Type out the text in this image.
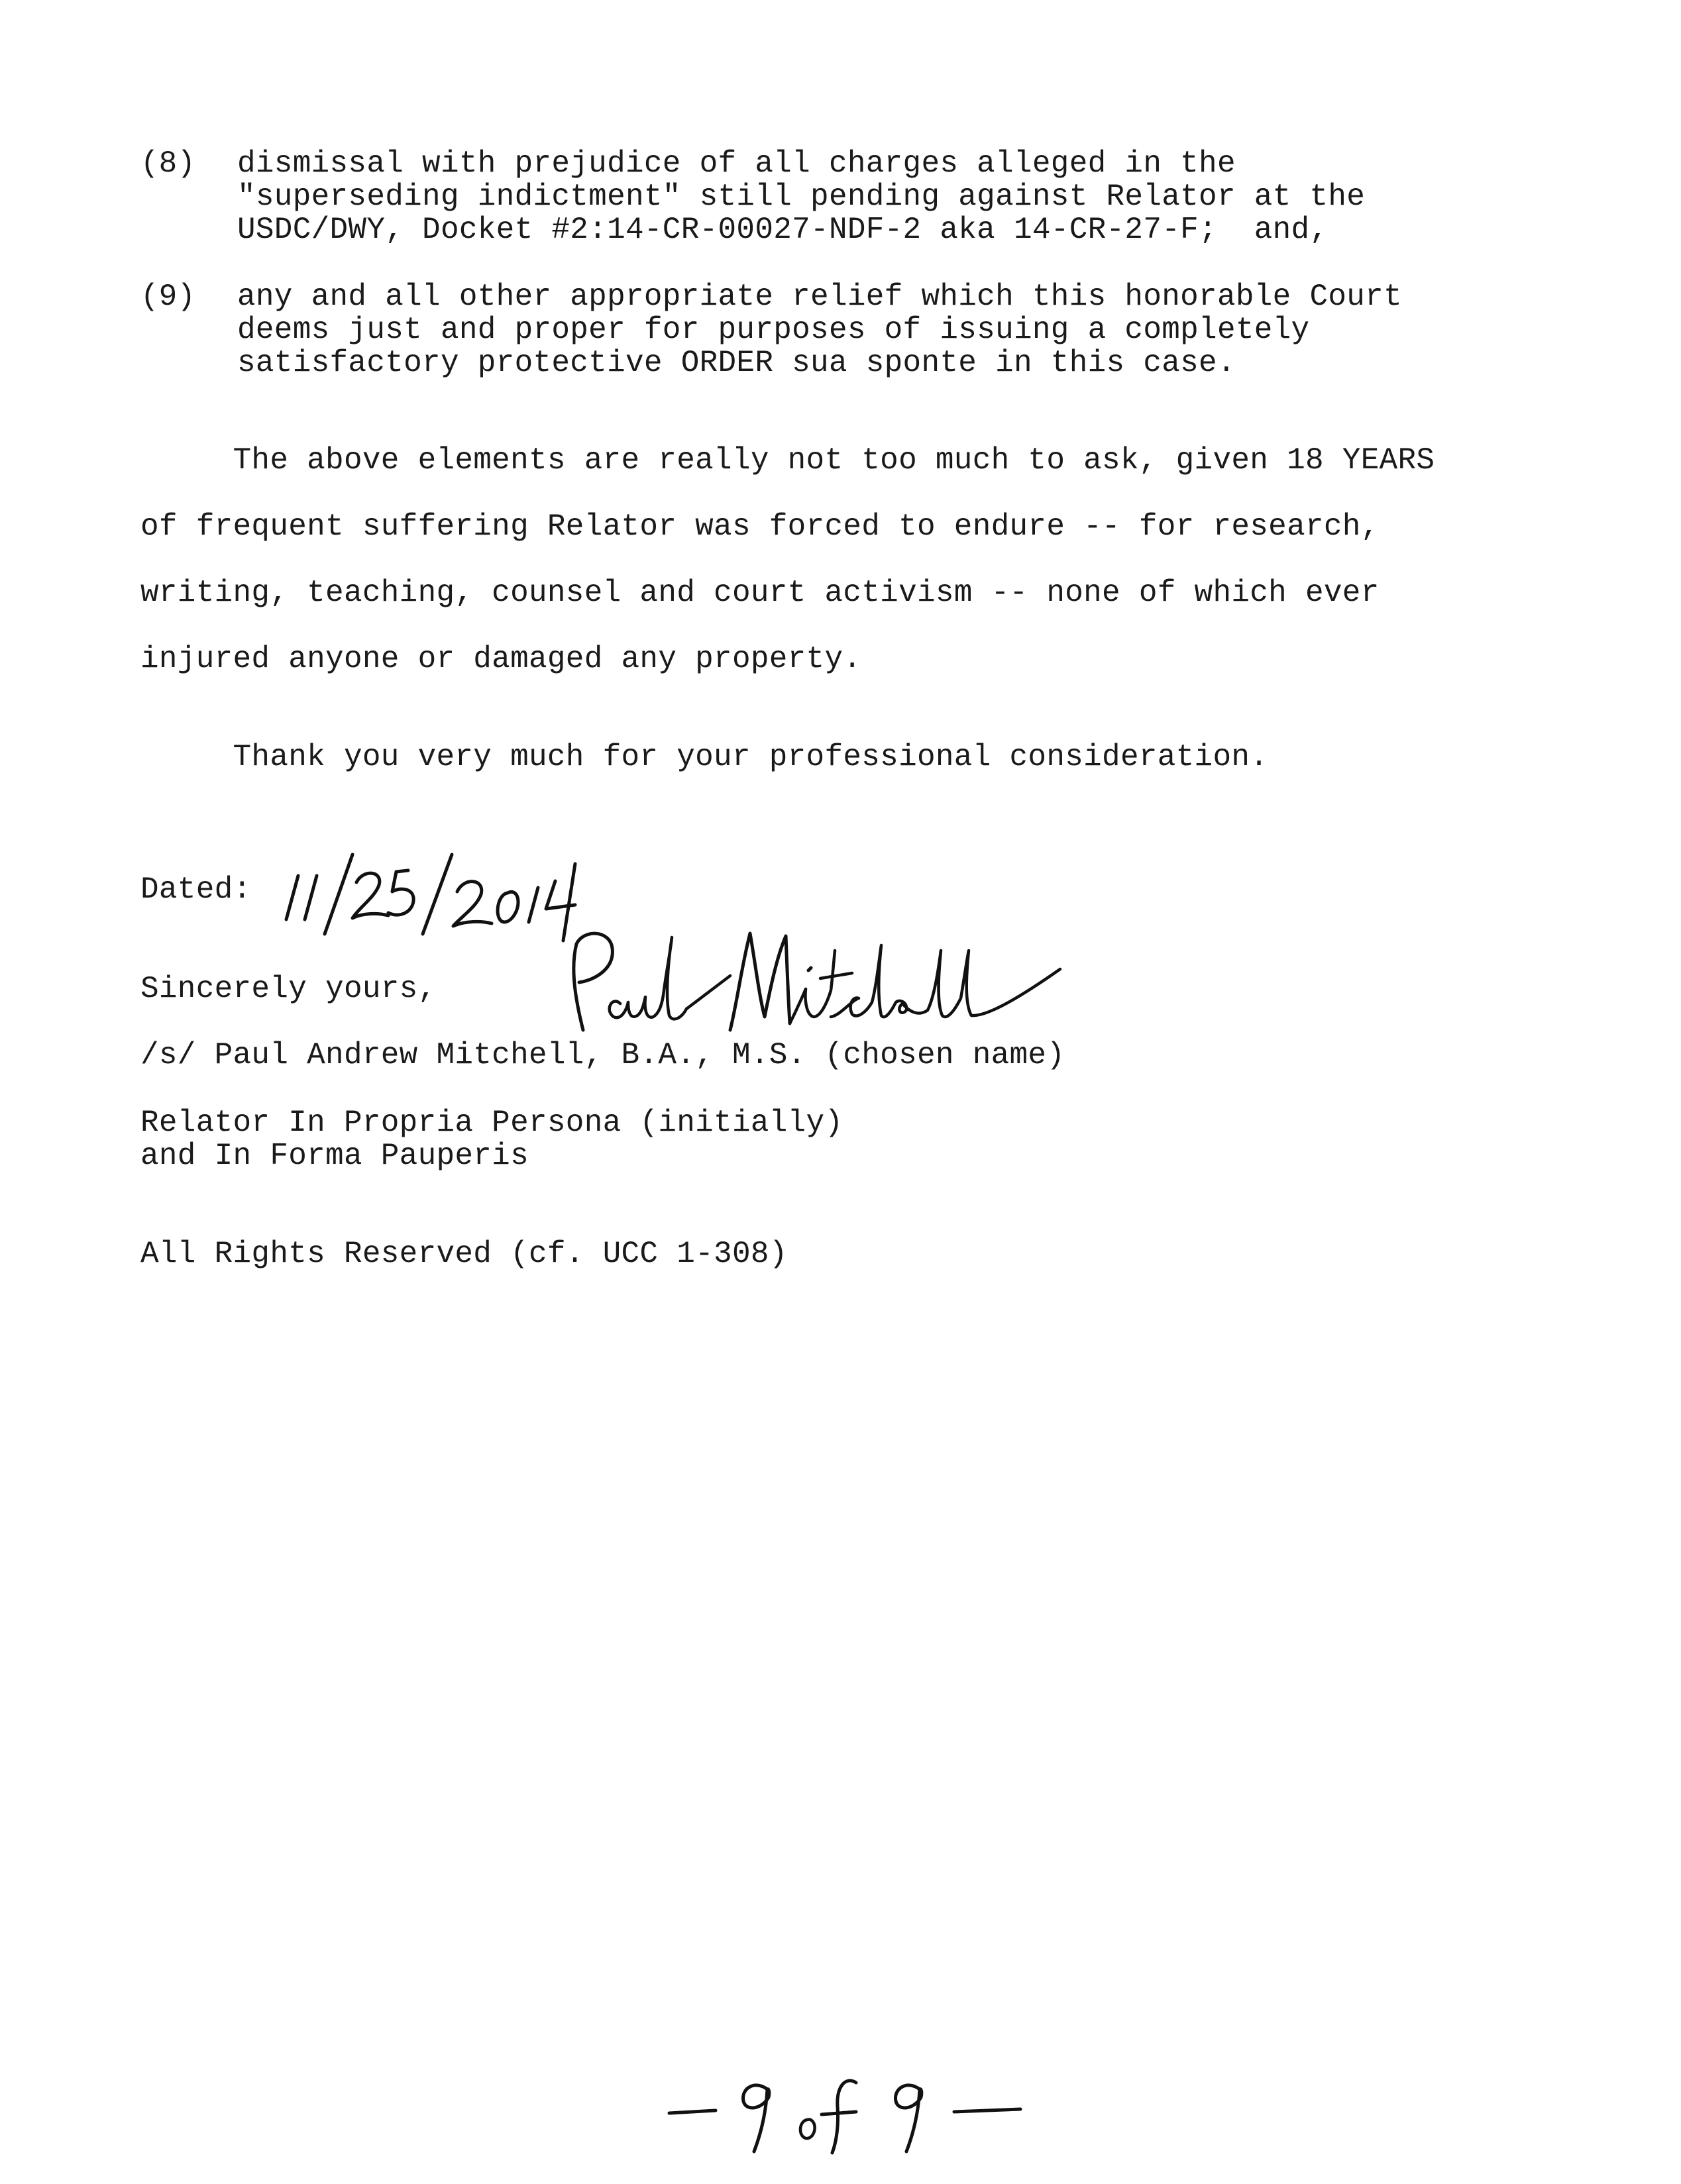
(8) dismissal with prejudice of all charges alleged in the
"superseding indictment" still pending against Relator at the
USDC/DWY, Docket #2:14-CR-00027-NDF-2 aka 14-CR-27-F;  and,
(9) any and all other appropriate relief which this honorable Court
deems just and proper for purposes of issuing a completely
satisfactory protective ORDER sua sponte in this case.
The above elements are really not too much to ask, given 18 YEARS
of frequent suffering Relator was forced to endure -- for research,
writing, teaching, counsel and court activism -- none of which ever
injured anyone or damaged any property.
Thank you very much for your professional consideration.
Dated:
Sincerely yours,
/s/ Paul Andrew Mitchell, B.A., M.S. (chosen name)
Relator In Propria Persona (initially)
and In Forma Pauperis
All Rights Reserved (cf. UCC 1-308)
